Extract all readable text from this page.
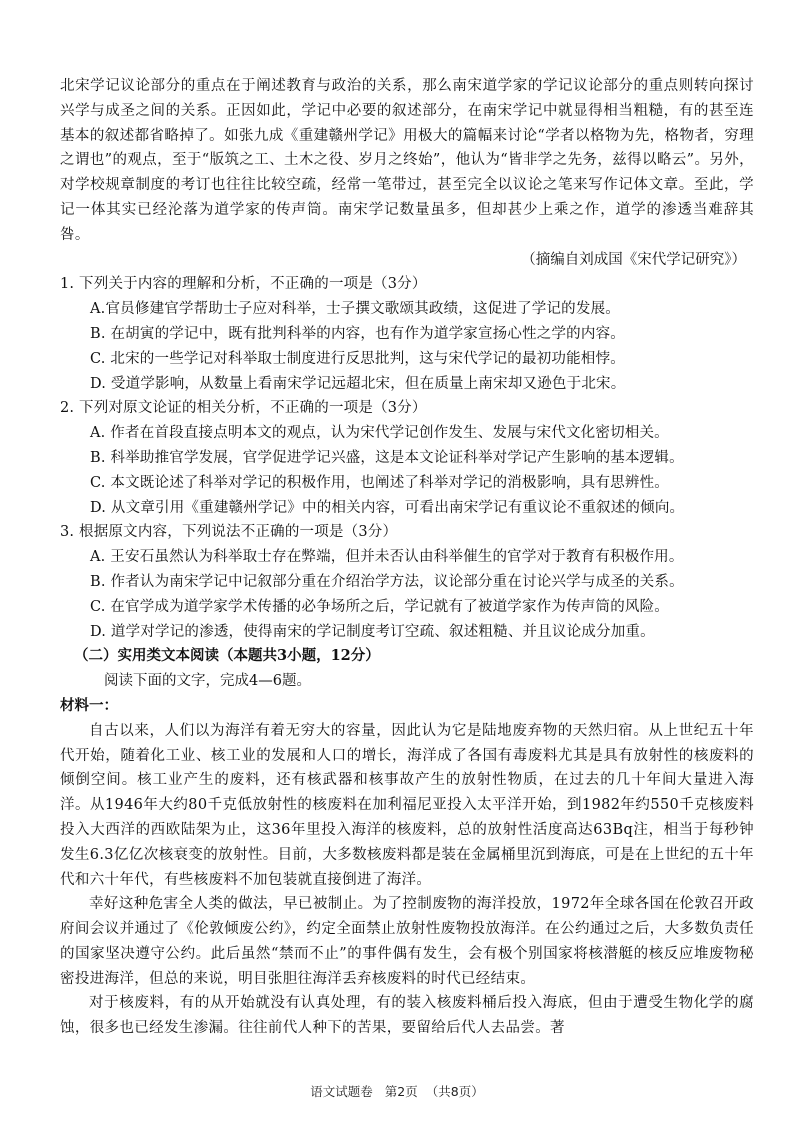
北宋学记议论部分的重点在于阐述教育与政治的关系，那么南宋道学家的学记议论部分的重点则转向探讨兴学与成圣之间的关系。正因如此，学记中必要的叙述部分，在南宋学记中就显得相当粗糙，有的甚至连基本的叙述都省略掉了。如张九成《重建赣州学记》用极大的篇幅来讨论“学者以格物为先，格物者，穷理之谓也”的观点，至于“版筑之工、土木之役、岁月之终始”，他认为“皆非学之先务，兹得以略云”。另外，对学校规章制度的考订也往往比较空疏，经常一笔带过，甚至完全以议论之笔来写作记体文章。至此，学记一体其实已经沦落为道学家的传声筒。南宋学记数量虽多，但却甚少上乘之作，道学的渗透当难辞其咎。

（摘编自刘成国《宋代学记研究》）

1. 下列关于内容的理解和分析，不正确的一项是（3分）

A.官员修建官学帮助士子应对科举，士子撰文歌颂其政绩，这促进了学记的发展。

B. 在胡寅的学记中，既有批判科举的内容，也有作为道学家宣扬心性之学的内容。

C. 北宋的一些学记对科举取士制度进行反思批判，这与宋代学记的最初功能相悖。

D. 受道学影响，从数量上看南宋学记远超北宋，但在质量上南宋却又逊色于北宋。

2. 下列对原文论证的相关分析，不正确的一项是（3分）

A. 作者在首段直接点明本文的观点，认为宋代学记创作发生、发展与宋代文化密切相关。

B. 科举助推官学发展，官学促进学记兴盛，这是本文论证科举对学记产生影响的基本逻辑。

C. 本文既论述了科举对学记的积极作用，也阐述了科举对学记的消极影响，具有思辨性。

D. 从文章引用《重建赣州学记》中的相关内容，可看出南宋学记有重议论不重叙述的倾向。

3. 根据原文内容，下列说法不正确的一项是（3分）

A. 王安石虽然认为科举取士存在弊端，但并未否认由科举催生的官学对于教育有积极作用。

B. 作者认为南宋学记中记叙部分重在介绍治学方法，议论部分重在讨论兴学与成圣的关系。

C. 在官学成为道学家学术传播的必争场所之后，学记就有了被道学家作为传声筒的风险。

D. 道学对学记的渗透，使得南宋的学记制度考订空疏、叙述粗糙、并且议论成分加重。

（二）实用类文本阅读（本题共3小题，12分）

阅读下面的文字，完成4—6题。

材料一：

自古以来，人们以为海洋有着无穷大的容量，因此认为它是陆地废弃物的天然归宿。从上世纪五十年代开始，随着化工业、核工业的发展和人口的增长，海洋成了各国有毒废料尤其是具有放射性的核废料的倾倒空间。核工业产生的废料，还有核武器和核事故产生的放射性物质，在过去的几十年间大量进入海洋。从1946年大约80千克低放射性的核废料在加利福尼亚投入太平洋开始，到1982年约550千克核废料投入大西洋的西欧陆架为止，这36年里投入海洋的核废料，总的放射性活度高达63Bq注，相当于每秒钟发生6.3亿亿次核衰变的放射性。目前，大多数核废料都是装在金属桶里沉到海底，可是在上世纪的五十年代和六十年代，有些核废料不加包装就直接倒进了海洋。

幸好这种危害全人类的做法，早已被制止。为了控制废物的海洋投放，1972年全球各国在伦敦召开政府间会议并通过了《伦敦倾废公约》，约定全面禁止放射性废物投放海洋。在公约通过之后，大多数负责任的国家坚决遵守公约。此后虽然“禁而不止”的事件偶有发生，会有极个别国家将核潜艇的核反应堆废物秘密投进海洋，但总的来说，明目张胆往海洋丢弃核废料的时代已经结束。

对于核废料，有的从开始就没有认真处理，有的装入核废料桶后投入海底，但由于遭受生物化学的腐蚀，很多也已经发生渗漏。往往前代人种下的苦果，要留给后代人去品尝。著

语文试题卷 第2页 （共8页）
